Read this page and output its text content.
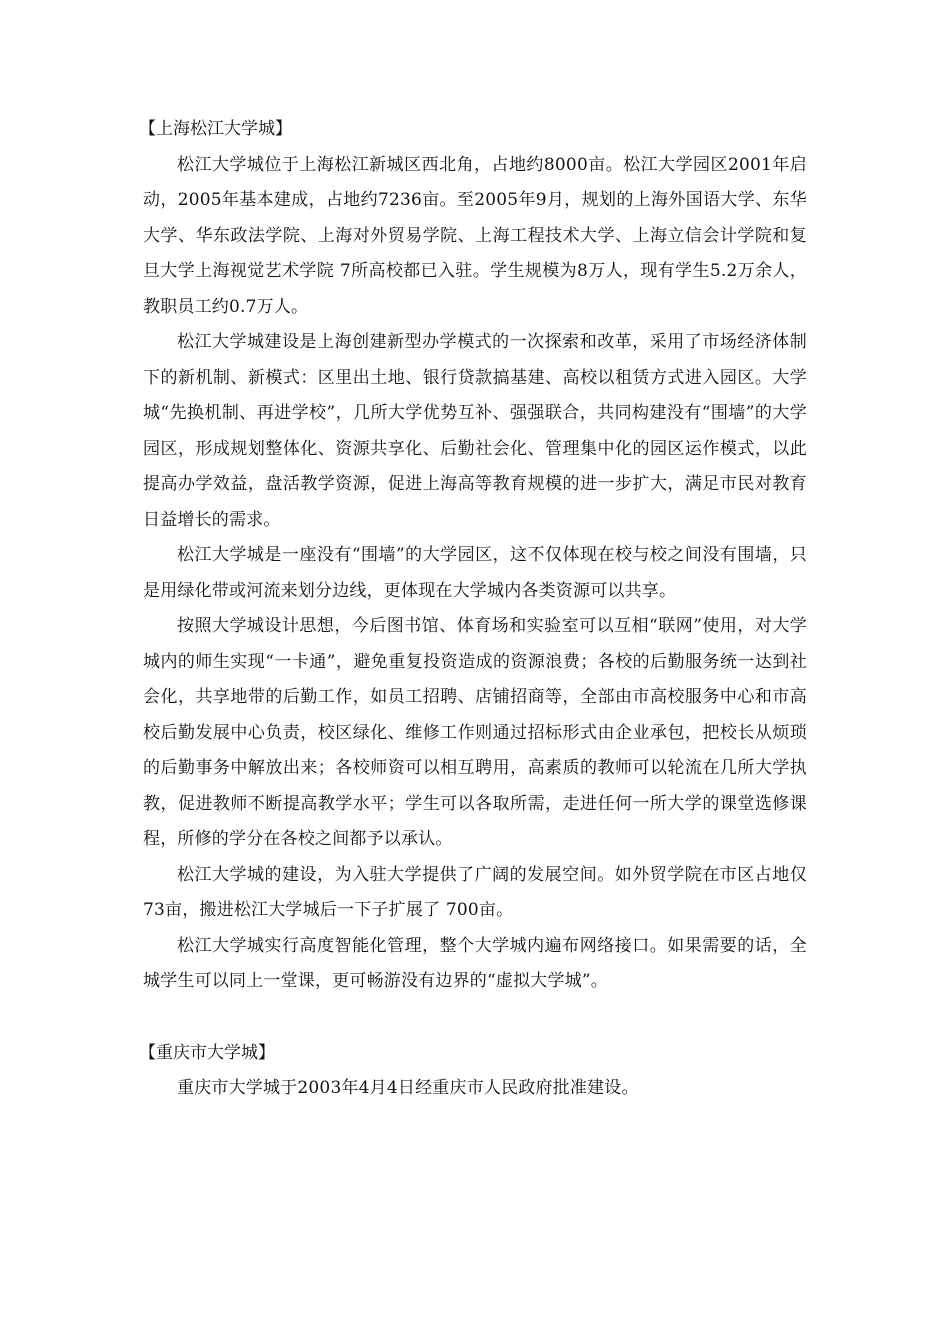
【上海松江大学城】

松江大学城位于上海松江新城区西北角，占地约8000亩。松江大学园区2001年启动，2005年基本建成，占地约7236亩。至2005年9月，规划的上海外国语大学、东华大学、华东政法学院、上海对外贸易学院、上海工程技术大学、上海立信会计学院和复旦大学上海视觉艺术学院 7所高校都已入驻。学生规模为8万人，现有学生5.2万余人，教职员工约0.7万人。

松江大学城建设是上海创建新型办学模式的一次探索和改革，采用了市场经济体制下的新机制、新模式：区里出土地、银行贷款搞基建、高校以租赁方式进入园区。大学城“先换机制、再进学校”，几所大学优势互补、强强联合，共同构建没有“围墙”的大学园区，形成规划整体化、资源共享化、后勤社会化、管理集中化的园区运作模式，以此提高办学效益，盘活教学资源，促进上海高等教育规模的进一步扩大，满足市民对教育日益增长的需求。

松江大学城是一座没有“围墙”的大学园区，这不仅体现在校与校之间没有围墙，只是用绿化带或河流来划分边线，更体现在大学城内各类资源可以共享。

按照大学城设计思想，今后图书馆、体育场和实验室可以互相“联网”使用，对大学城内的师生实现“一卡通”，避免重复投资造成的资源浪费；各校的后勤服务统一达到社会化，共享地带的后勤工作，如员工招聘、店铺招商等，全部由市高校服务中心和市高校后勤发展中心负责，校区绿化、维修工作则通过招标形式由企业承包，把校长从烦琐的后勤事务中解放出来；各校师资可以相互聘用，高素质的教师可以轮流在几所大学执教，促进教师不断提高教学水平；学生可以各取所需，走进任何一所大学的课堂选修课程，所修的学分在各校之间都予以承认。

松江大学城的建设，为入驻大学提供了广阔的发展空间。如外贸学院在市区占地仅73亩，搬进松江大学城后一下子扩展了 700亩。

松江大学城实行高度智能化管理，整个大学城内遍布网络接口。如果需要的话，全城学生可以同上一堂课，更可畅游没有边界的“虚拟大学城”。

【重庆市大学城】

重庆市大学城于2003年4月4日经重庆市人民政府批准建设。
